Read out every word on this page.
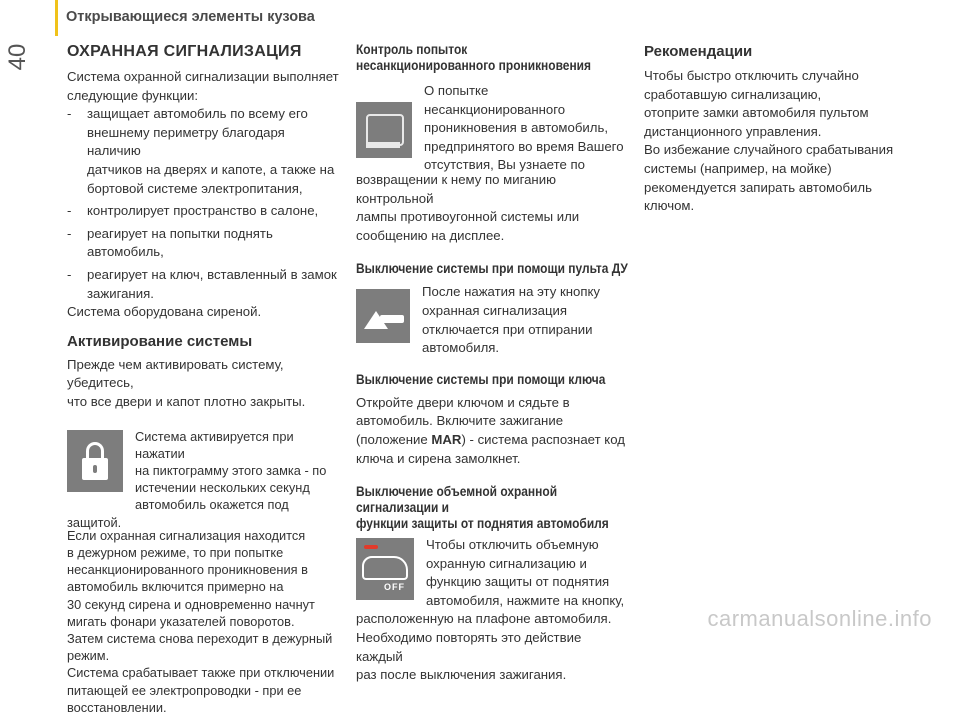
Открывающиеся элементы кузова
40 ОХРАННАЯ СИГНАЛИЗАЦИЯ

Система охранной сигнализации выполняет

следующие функции:

- защищает автомобиль по всему его
внешнему периметру благодаря наличию
датчиков на дверях и капоте, а также на
бортовой системе электропитания,
- контролирует пространство в салоне,
- реагирует на попытки поднять автомобиль,
- реагирует на ключ, вставленный в замок
зажигания.

Система оборудована сиреной.

Активирование системы

Прежде чем активировать систему, убедитесь,

что все двери и капот плотно закрыты.

Система активируется при нажатии

на пиктограмму этого замка - по

истечении нескольких секунд

автомобиль окажется под защитой.

Если охранная сигнализация находится

в дежурном режиме, то при попытке

несанкционированного проникновения в

автомобиль включится примерно на

30 секунд сирена и одновременно начнут

мигать фонари указателей поворотов.

Затем система снова переходит в дежурный

режим.

Система срабатывает также при отключении

питающей ее электропроводки - при ее

восстановлении.

Контроль попыток
несанкционированного проникновения

О попытке несанкционированного

проникновения в автомобиль,

предпринятого во время Вашего

отсутствия, Вы узнаете по

возвращении к нему по миганию контрольной

лампы противоугонной системы или

сообщению на дисплее.

Выключение системы при помощи пульта ДУ

После нажатия на эту кнопку

охранная сигнализация

отключается при отпирании

автомобиля.

Выключение системы при помощи ключа

Откройте двери ключом и сядьте в

автомобиль. Включите зажигание

(положение MAR) - система распознает код

ключа и сирена замолкнет.

Выключение объемной охранной сигнализации и
функции защиты от поднятия автомобиля
OFF

Чтобы отключить объемную

охранную сигнализацию и

функцию защиты от поднятия

автомобиля, нажмите на кнопку,

расположенную на плафоне автомобиля.

Необходимо повторять это действие каждый

раз после выключения зажигания.

Рекомендации

Чтобы быстро отключить случайно

сработавшую сигнализацию,

отоприте замки автомобиля пультом

дистанционного управления.

Во избежание случайного срабатывания

системы (например, на мойке)

рекомендуется запирать автомобиль

ключом.

carmanualsonline.info
